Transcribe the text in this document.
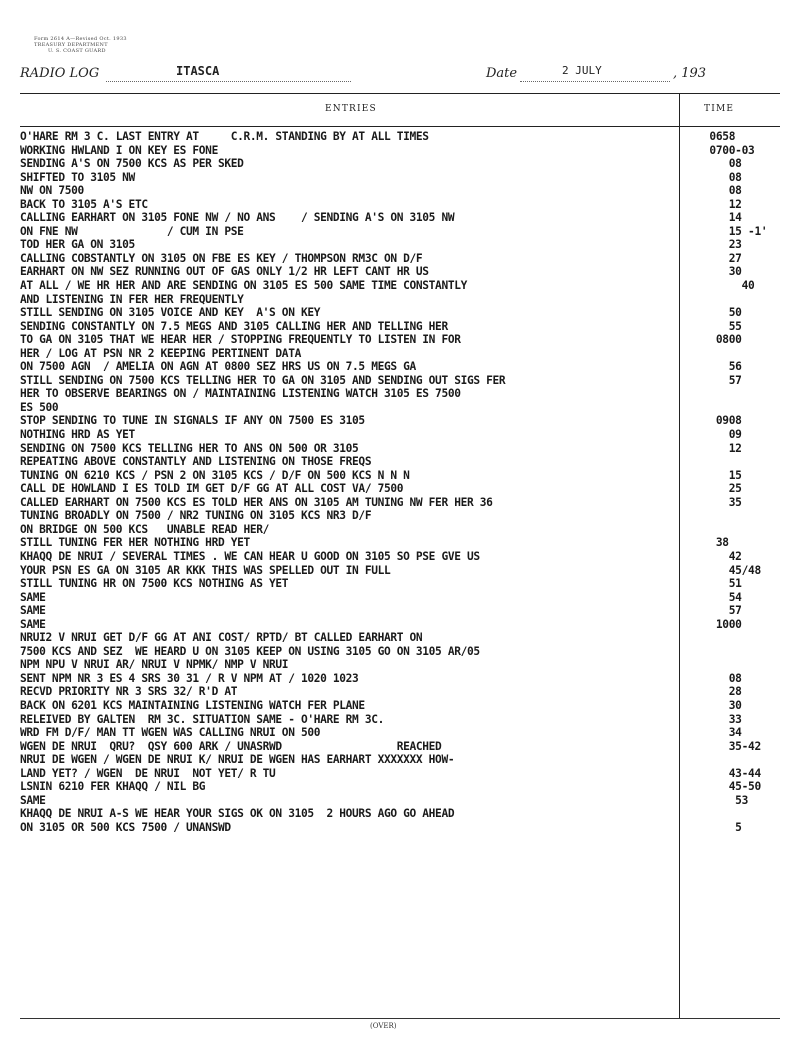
Form 2614 A—Revised Oct. 1933
TREASURY DEPARTMENT
U. S. COAST GUARD
RADIO LOG	ITASCA	Date	2 JULY	, 193
ENTRIES	TIME
O'HARE RM 3 C. LAST ENTRY AT     C.R.M. STANDING BY AT ALL TIMES	0658
WORKING HWLAND I ON KEY ES FONE	0700-03
SENDING A'S ON 7500 KCS AS PER SKED	08
SHIFTED TO 3105 NW	08
NW ON 7500	08
BACK TO 3105 A'S ETC	12
CALLING EARHART ON 3105 FONE NW / NO ANS    / SENDING A'S ON 3105 NW	14
ON FNE NW              / CUM IN PSE	15 -1'
TOD HER GA ON 3105	23
CALLING COBSTANTLY ON 3105 ON FBE ES KEY / THOMPSON RM3C ON D/F	27
EARHART ON NW SEZ RUNNING OUT OF GAS ONLY 1/2 HR LEFT CANT HR US	30
AT ALL / WE HR HER AND ARE SENDING ON 3105 ES 500 SAME TIME CONSTANTLY	40
AND LISTENING IN FER HER FREQUENTLY
STILL SENDING ON 3105 VOICE AND KEY  A'S ON KEY	50
SENDING CONSTANTLY ON 7.5 MEGS AND 3105 CALLING HER AND TELLING HER	55
TO GA ON 3105 THAT WE HEAR HER / STOPPING FREQUENTLY TO LISTEN IN FOR	0800
HER / LOG AT PSN NR 2 KEEPING PERTINENT DATA
ON 7500 AGN  / AMELIA ON AGN AT 0800 SEZ HRS US ON 7.5 MEGS GA	56
STILL SENDING ON 7500 KCS TELLING HER TO GA ON 3105 AND SENDING OUT SIGS FER	57
HER TO OBSERVE BEARINGS ON / MAINTAINING LISTENING WATCH 3105 ES 7500
ES 500
STOP SENDING TO TUNE IN SIGNALS IF ANY ON 7500 ES 3105	0908
NOTHING HRD AS YET	09
SENDING ON 7500 KCS TELLING HER TO ANS ON 500 OR 3105	12
REPEATING ABOVE CONSTANTLY AND LISTENING ON THOSE FREQS
TUNING ON 6210 KCS / PSN 2 ON 3105 KCS / D/F ON 500 KCS N N N	15
CALL DE HOWLAND I ES TOLD IM GET D/F GG AT ALL COST VA/ 7500	25
CALLED EARHART ON 7500 KCS ES TOLD HER ANS ON 3105 AM TUNING NW FER HER 36	35
TUNING BROADLY ON 7500 / NR2 TUNING ON 3105 KCS NR3 D/F
ON BRIDGE ON 500 KCS   UNABLE READ HER/
STILL TUNING FER HER NOTHING HRD YET	38
KHAQQ DE NRUI / SEVERAL TIMES . WE CAN HEAR U GOOD ON 3105 SO PSE GVE US	42
YOUR PSN ES GA ON 3105 AR KKK THIS WAS SPELLED OUT IN FULL	45/48
STILL TUNING HR ON 7500 KCS NOTHING AS YET	51
SAME	54
SAME	57
SAME	1000
NRUI2 V NRUI GET D/F GG AT ANI COST/ RPTD/ BT CALLED EARHART ON
7500 KCS AND SEZ  WE HEARD U ON 3105 KEEP ON USING 3105 GO ON 3105 AR/05
NPM NPU V NRUI AR/ NRUI V NPMK/ NMP V NRUI
SENT NPM NR 3 ES 4 SRS 30 31 / R V NPM AT / 1020 1023	08
RECVD PRIORITY NR 3 SRS 32/ R'D AT	28
BACK ON 6201 KCS MAINTAINING LISTENING WATCH FER PLANE	30
RELEIVED BY GALTEN  RM 3C. SITUATION SAME - O'HARE RM 3C.	33
WRD FM D/F/ MAN TT WGEN WAS CALLING NRUI ON 500	34
WGEN DE NRUI  QRU?  QSY 600 ARK / UNASRWD                  REACHED	35-42
NRUI DE WGEN / WGEN DE NRUI K/ NRUI DE WGEN HAS EARHART XXXXXXX HOW-
LAND YET? / WGEN  DE NRUI  NOT YET/ R TU	43-44
LSNIN 6210 FER KHAQQ / NIL BG	45-50
SAME	53
KHAQQ DE NRUI A-S WE HEAR YOUR SIGS OK ON 3105  2 HOURS AGO GO AHEAD
ON 3105 OR 500 KCS 7500 / UNANSWD	5
(OVER)
